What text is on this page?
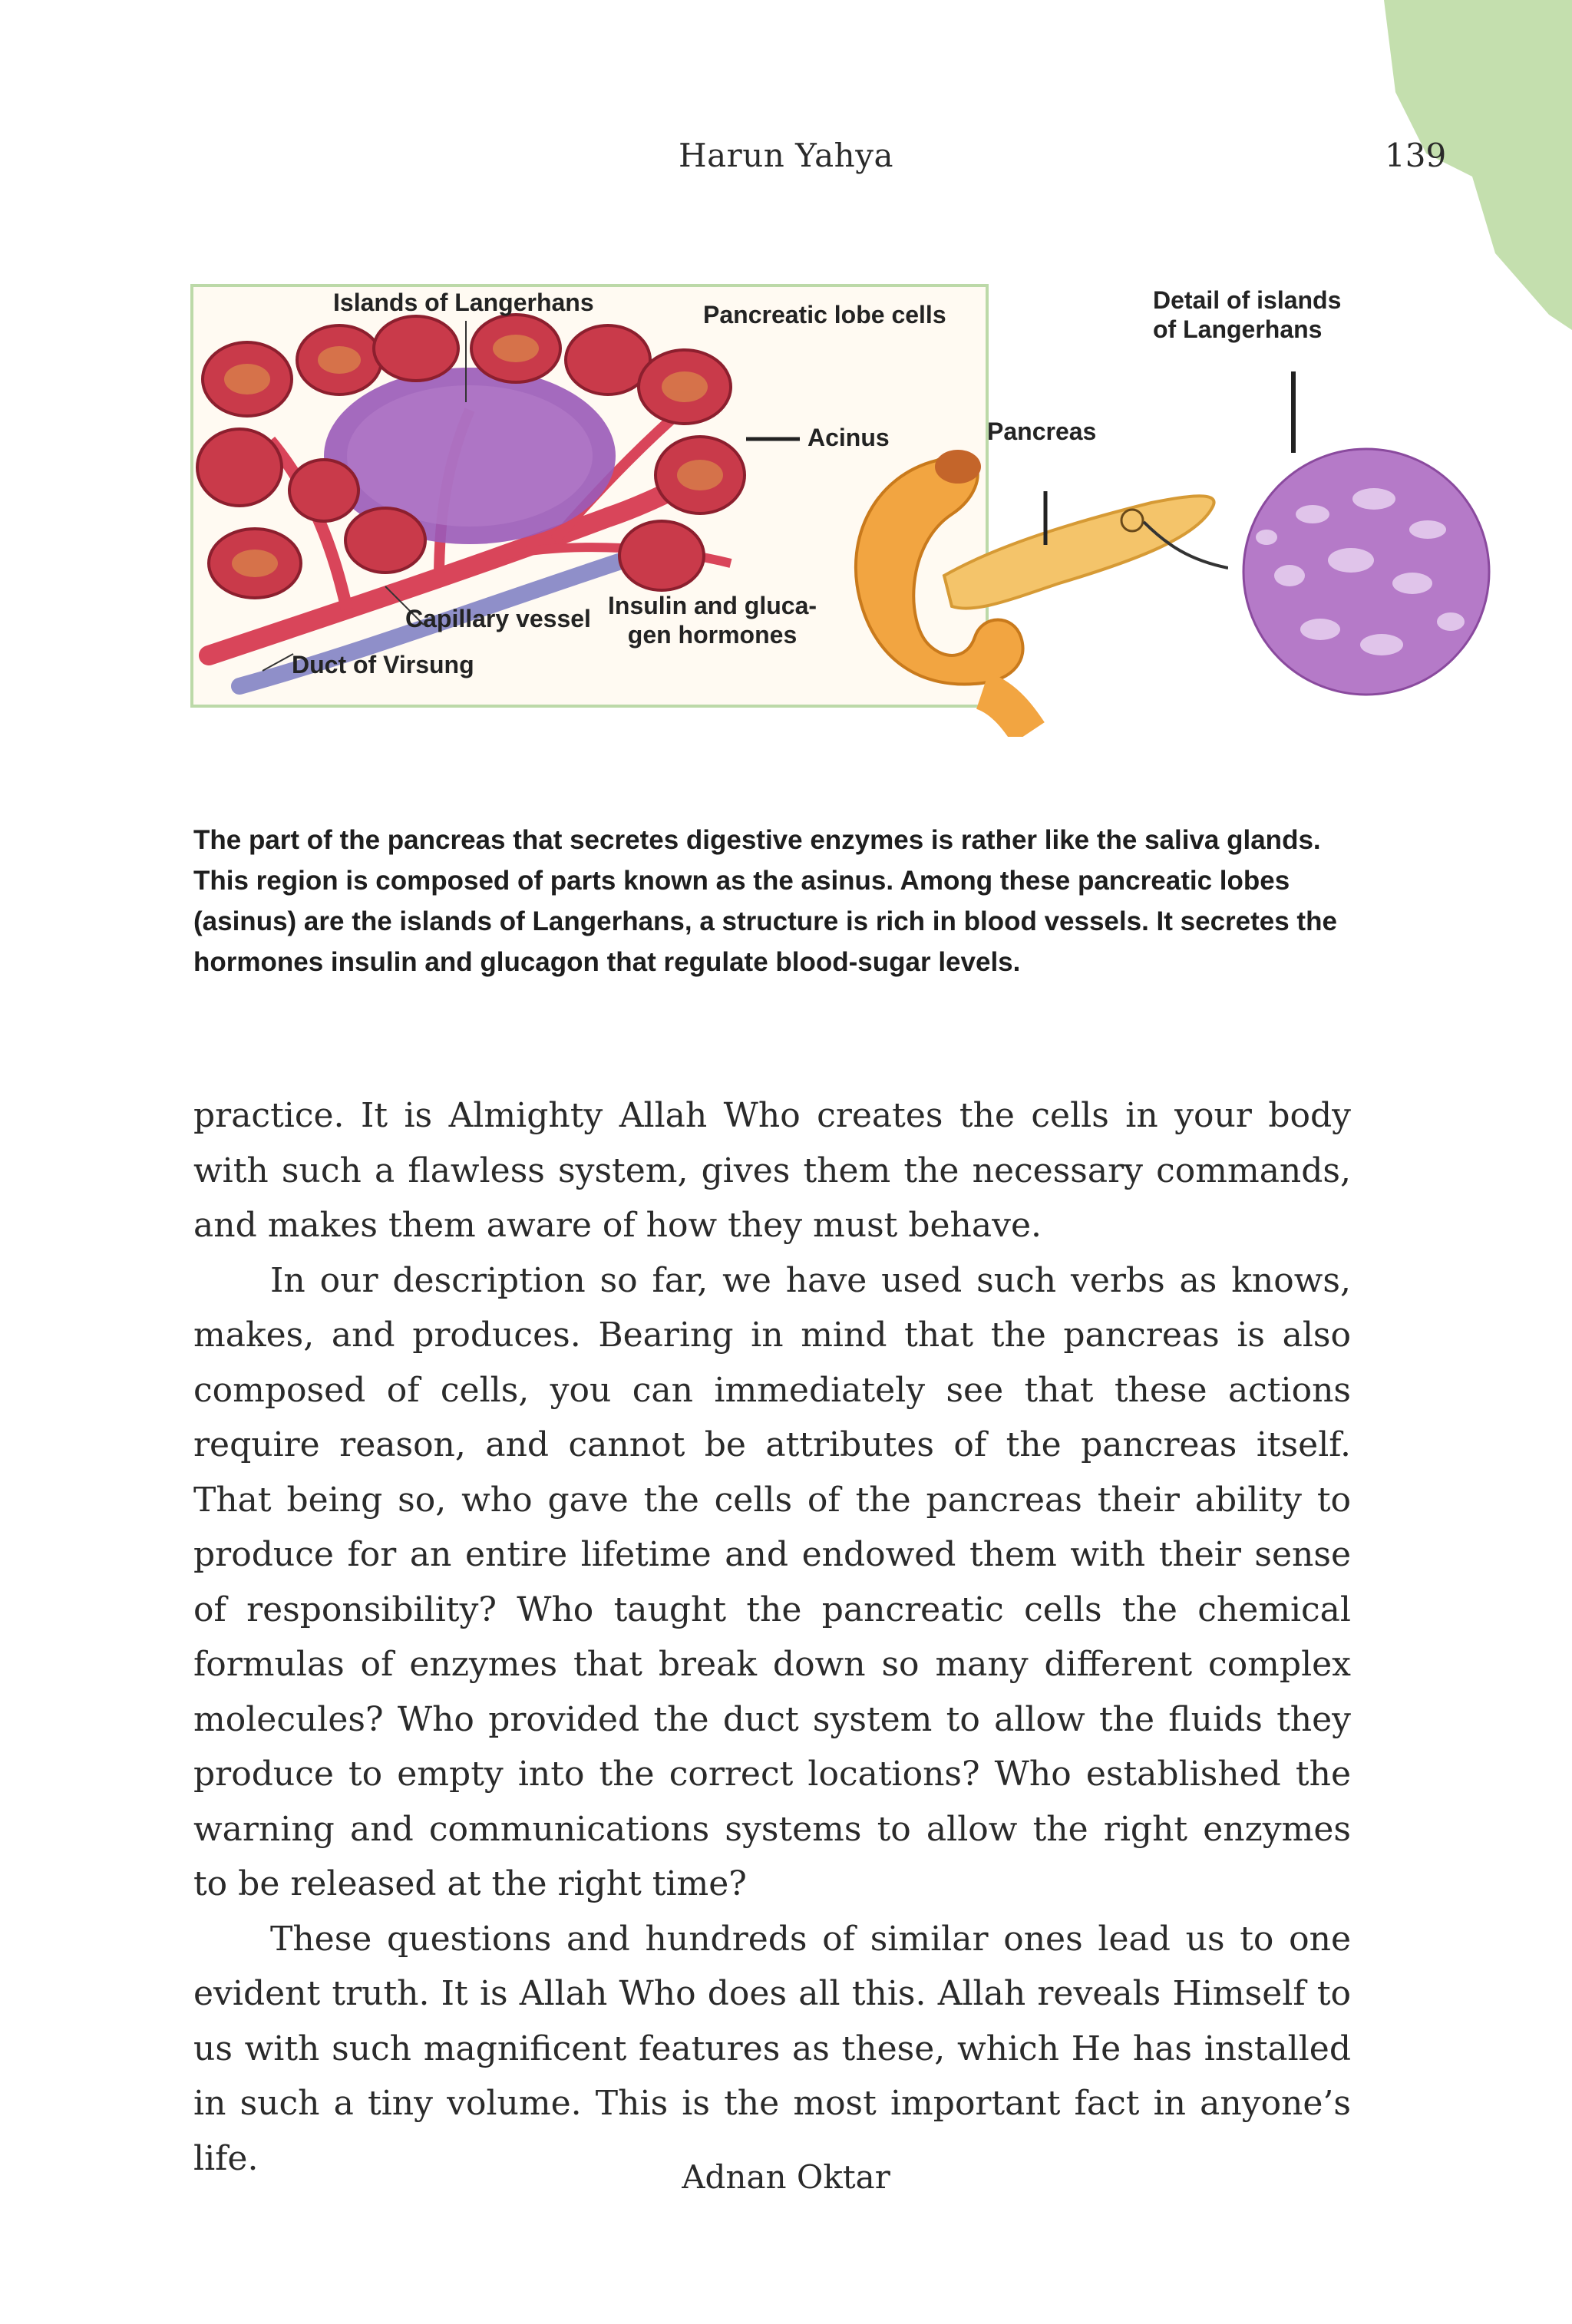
Harun Yahya	139
Islands of Langerhans	Pancreatic lobe cells
Acinus
Capillary vessel Insulin and gluca-
gen hormones
Duct of Virsung
Pancreas
Detail of islands
of Langerhans
The part of the pancreas that secretes digestive enzymes is rather like the saliva glands. This region is composed of parts known as the asinus. Among these pancreatic lobes (asinus) are the islands of Langerhans, a structure is rich in blood vessels. It secretes the hormones insulin and glucagon that regulate blood-sugar levels.

practice. It is Almighty Allah Who creates the cells in your body with such a flawless system, gives them the necessary commands, and makes them aware of how they must behave.

In our description so far, we have used such verbs as knows, makes, and produces. Bearing in mind that the pancreas is also composed of cells, you can immediately see that these actions require reason, and cannot be attributes of the pancreas itself. That being so, who gave the cells of the pancreas their ability to produce for an entire lifetime and endowed them with their sense of responsibility? Who taught the pancreatic cells the chemical formulas of enzymes that break down so many different complex molecules? Who provided the duct system to allow the fluids they produce to empty into the correct locations? Who established the warning and communications systems to allow the right enzymes to be released at the right time?

These questions and hundreds of similar ones lead us to one evident truth. It is Allah Who does all this. Allah reveals Himself to us with such magnificent features as these, which He has installed in such a tiny volume. This is the most important fact in anyone’s life.	Adnan Oktar
